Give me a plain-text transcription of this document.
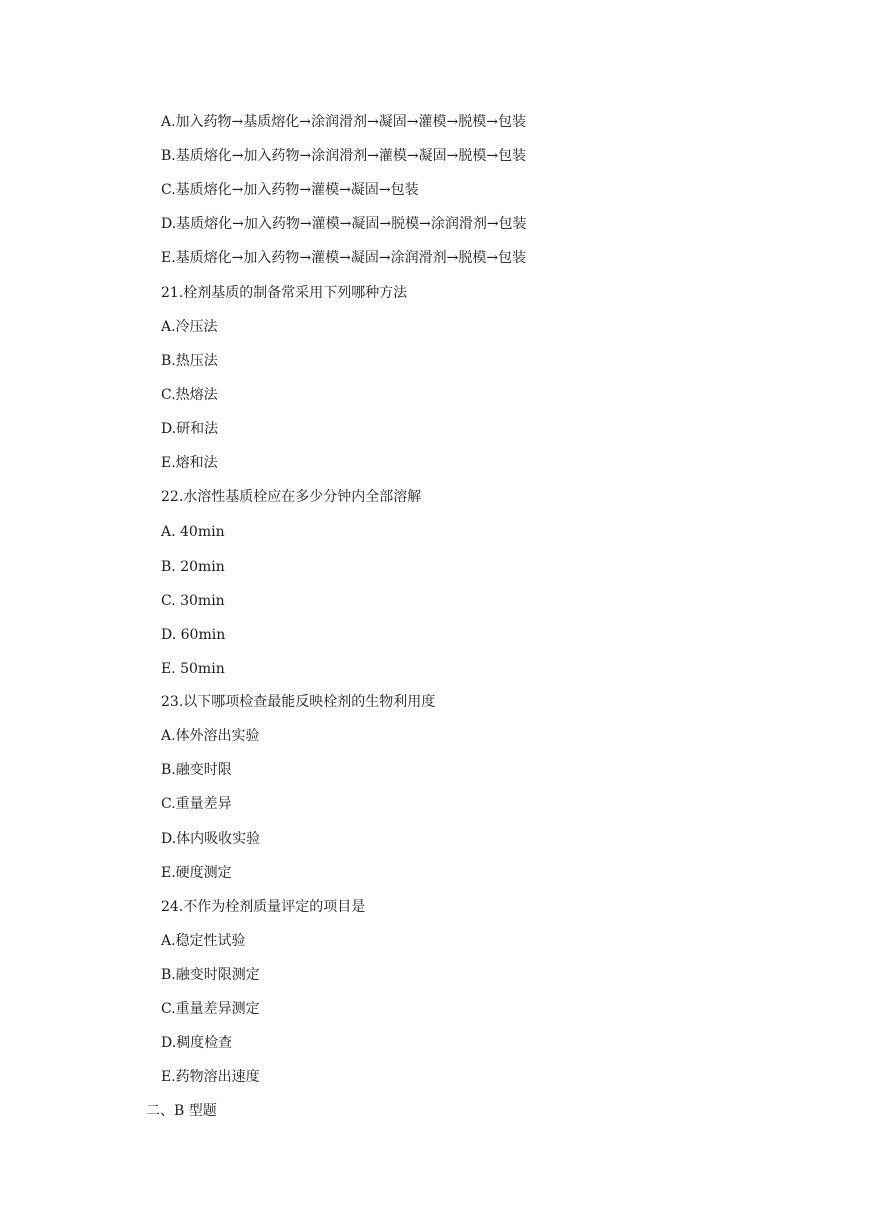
A.加入药物→基质熔化→涂润滑剂→凝固→灌模→脱模→包装
B.基质熔化→加入药物→涂润滑剂→灌模→凝固→脱模→包装
C.基质熔化→加入药物→灌模→凝固→包装
D.基质熔化→加入药物→灌模→凝固→脱模→涂润滑剂→包装
E.基质熔化→加入药物→灌模→凝固→涂润滑剂→脱模→包装
21.栓剂基质的制备常采用下列哪种方法
A.冷压法
B.热压法
C.热熔法
D.研和法
E.熔和法
22.水溶性基质栓应在多少分钟内全部溶解
A. 40min
B. 20min
C. 30min
D. 60min
E. 50min
23.以下哪项检查最能反映栓剂的生物利用度
A.体外溶出实验
B.融变时限
C.重量差异
D.体内吸收实验
E.硬度测定
24.不作为栓剂质量评定的项目是
A.稳定性试验
B.融变时限测定
C.重量差异测定
D.稠度检查
E.药物溶出速度
二、B 型题
